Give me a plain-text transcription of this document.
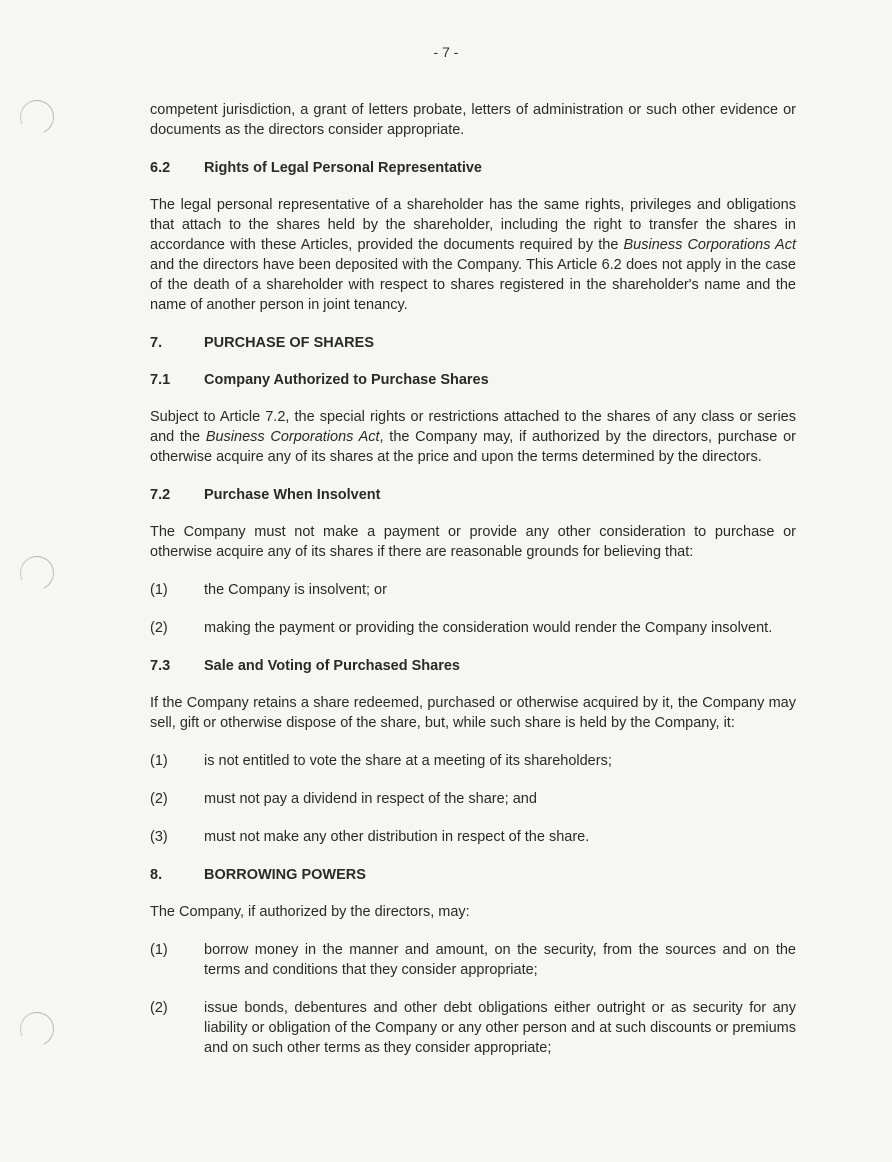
- 7 -

competent jurisdiction, a grant of letters probate, letters of administration or such other evidence or documents as the directors consider appropriate.

6.2	Rights of Legal Personal Representative

The legal personal representative of a shareholder has the same rights, privileges and obligations that attach to the shares held by the shareholder, including the right to transfer the shares in accordance with these Articles, provided the documents required by the Business Corporations Act and the directors have been deposited with the Company. This Article 6.2 does not apply in the case of the death of a shareholder with respect to shares registered in the shareholder's name and the name of another person in joint tenancy.

7.	PURCHASE OF SHARES
7.1	Company Authorized to Purchase Shares

Subject to Article 7.2, the special rights or restrictions attached to the shares of any class or series and the Business Corporations Act, the Company may, if authorized by the directors, purchase or otherwise acquire any of its shares at the price and upon the terms determined by the directors.

7.2	Purchase When Insolvent

The Company must not make a payment or provide any other consideration to purchase or otherwise acquire any of its shares if there are reasonable grounds for believing that:

(1)	the Company is insolvent; or
(2)	making the payment or providing the consideration would render the Company insolvent.
7.3	Sale and Voting of Purchased Shares

If the Company retains a share redeemed, purchased or otherwise acquired by it, the Company may sell, gift or otherwise dispose of the share, but, while such share is held by the Company, it:

(1)	is not entitled to vote the share at a meeting of its shareholders;
(2)	must not pay a dividend in respect of the share; and
(3)	must not make any other distribution in respect of the share.
8.	BORROWING POWERS

The Company, if authorized by the directors, may:

(1)	borrow money in the manner and amount, on the security, from the sources and on the terms and conditions that they consider appropriate;
(2)	issue bonds, debentures and other debt obligations either outright or as security for any liability or obligation of the Company or any other person and at such discounts or premiums and on such other terms as they consider appropriate;
